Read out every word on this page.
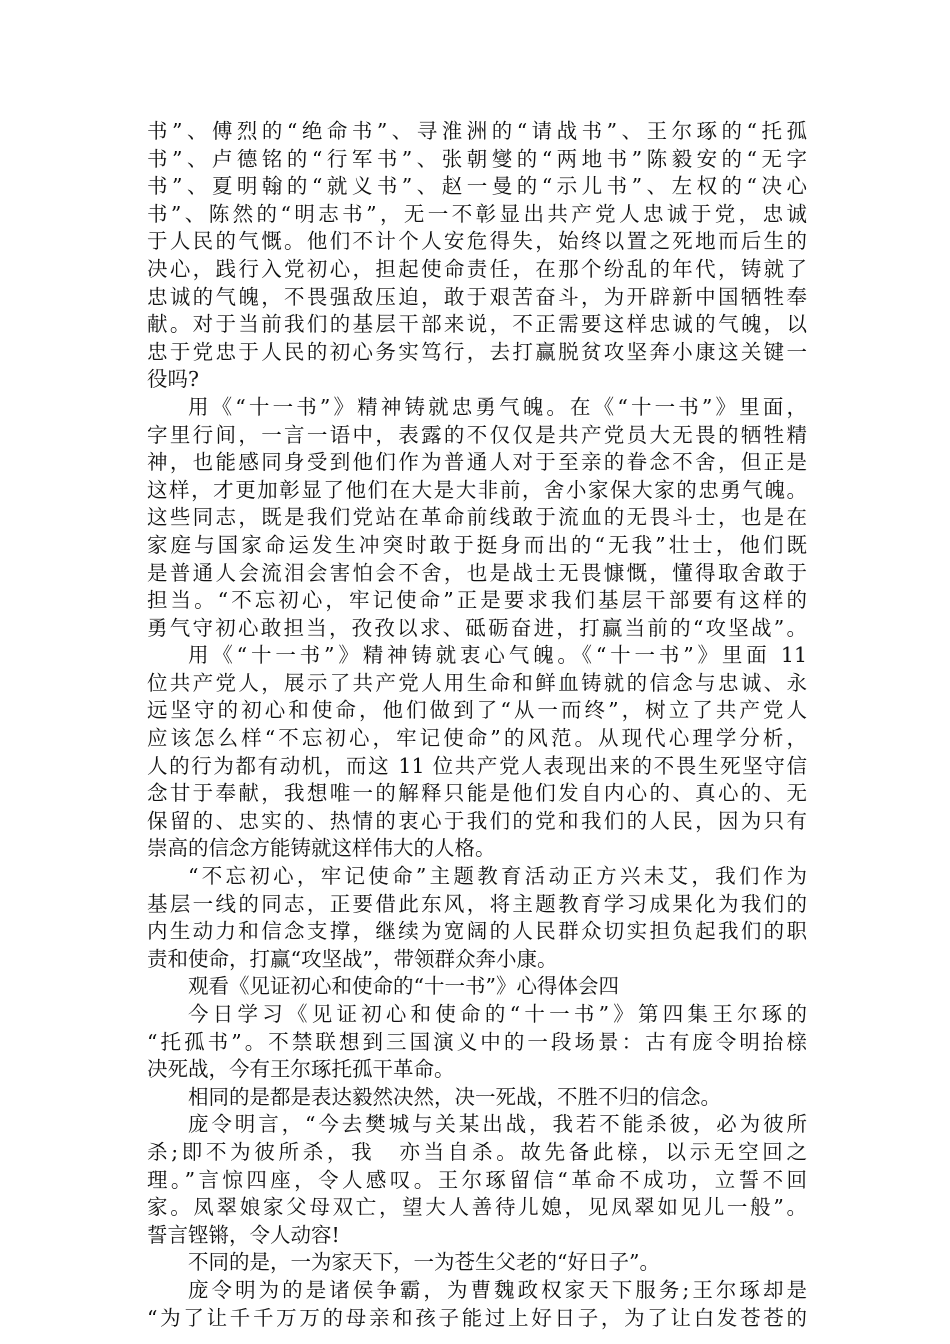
书”、傅烈的“绝命书”、寻淮洲的“请战书”、王尔琢的“托孤
书”、卢德铭的“行军书”、张朝燮的“两地书”陈毅安的“无字
书”、夏明翰的“就义书”、赵一曼的“示儿书”、左权的“决心
书”、陈然的“明志书”，无一不彰显出共产党人忠诚于党，忠诚
于人民的气慨。他们不计个人安危得失，始终以置之死地而后生的
决心，践行入党初心，担起使命责任，在那个纷乱的年代，铸就了
忠诚的气魄，不畏强敌压迫，敢于艰苦奋斗，为开辟新中国牺牲奉
献。对于当前我们的基层干部来说，不正需要这样忠诚的气魄，以
忠于党忠于人民的初心务实笃行，去打赢脱贫攻坚奔小康这关键一
役吗?
用《“十一书”》精神铸就忠勇气魄。在《“十一书”》里面，
字里行间，一言一语中，表露的不仅仅是共产党员大无畏的牺牲精
神，也能感同身受到他们作为普通人对于至亲的眷念不舍，但正是
这样，才更加彰显了他们在大是大非前，舍小家保大家的忠勇气魄。
这些同志，既是我们党站在革命前线敢于流血的无畏斗士，也是在
家庭与国家命运发生冲突时敢于挺身而出的“无我”壮士，他们既
是普通人会流泪会害怕会不舍，也是战士无畏慷慨，懂得取舍敢于
担当。“不忘初心，牢记使命”正是要求我们基层干部要有这样的
勇气守初心敢担当，孜孜以求、砥砺奋进，打赢当前的“攻坚战”。
用《“十一书”》精神铸就衷心气魄。《“十一书”》里面 11
位共产党人，展示了共产党人用生命和鲜血铸就的信念与忠诚、永
远坚守的初心和使命，他们做到了“从一而终”，树立了共产党人
应该怎么样“不忘初心，牢记使命”的风范。从现代心理学分析，
人的行为都有动机，而这 11 位共产党人表现出来的不畏生死坚守信
念甘于奉献，我想唯一的解释只能是他们发自内心的、真心的、无
保留的、忠实的、热情的衷心于我们的党和我们的人民，因为只有
崇高的信念方能铸就这样伟大的人格。
“不忘初心，牢记使命”主题教育活动正方兴未艾，我们作为
基层一线的同志，正要借此东风，将主题教育学习成果化为我们的
内生动力和信念支撑，继续为宽阔的人民群众切实担负起我们的职
责和使命，打赢“攻坚战”，带领群众奔小康。
观看《见证初心和使命的“十一书”》心得体会四
今日学习《见证初心和使命的“十一书”》第四集王尔琢的
“托孤书”。不禁联想到三国演义中的一段场景：古有庞令明抬榇
决死战，今有王尔琢托孤干革命。
相同的是都是表达毅然决然，决一死战，不胜不归的信念。
庞令明言，“今去樊城与关某出战，我若不能杀彼，必为彼所
杀;即不为彼所杀，我　亦当自杀。故先备此榇，以示无空回之
理。”言惊四座，令人感叹。王尔琢留信“革命不成功，立誓不回
家。凤翠娘家父母双亡，望大人善待儿媳，见凤翠如见儿一般”。
誓言铿锵，令人动容!
不同的是，一为家天下，一为苍生父老的“好日子”。
庞令明为的是诸侯争霸，为曹魏政权家天下服务;王尔琢却是
“为了让千千万万的母亲和孩子能过上好日子，为了让白发苍苍的
